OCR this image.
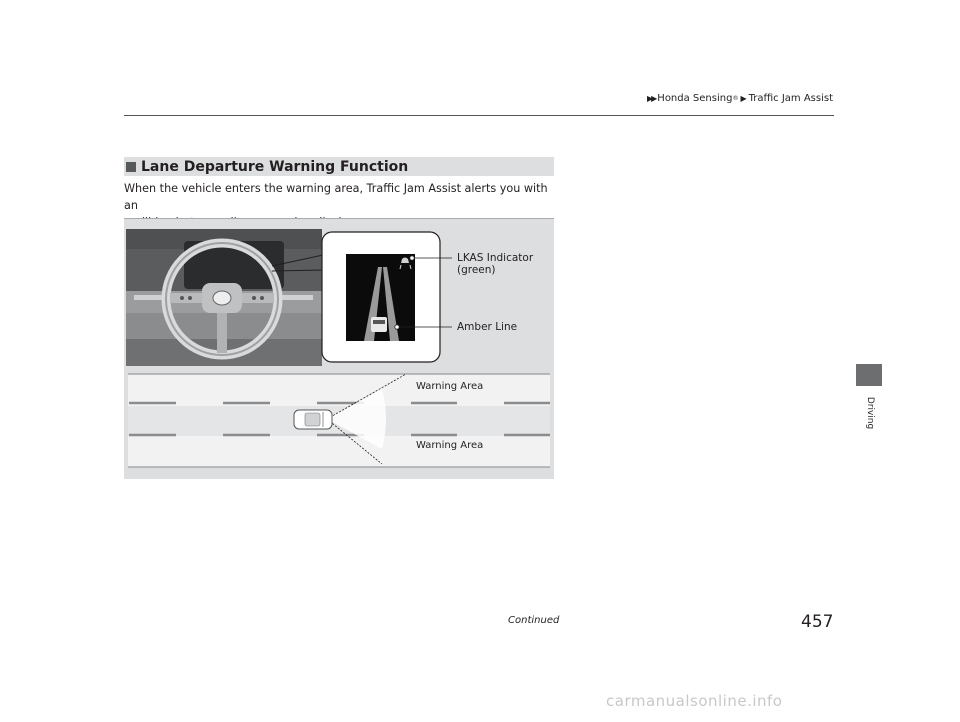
▶▶ Honda Sensing ® ▶ Traffic Jam Assist
Driving
Lane Departure Warning Function
When the vehicle enters the warning area, Traffic Jam Assist alerts you with an
LKAS Indicator
(green)
Amber Line
Warning Area
Warning Area
Continued	457
carmanualsonline.info
